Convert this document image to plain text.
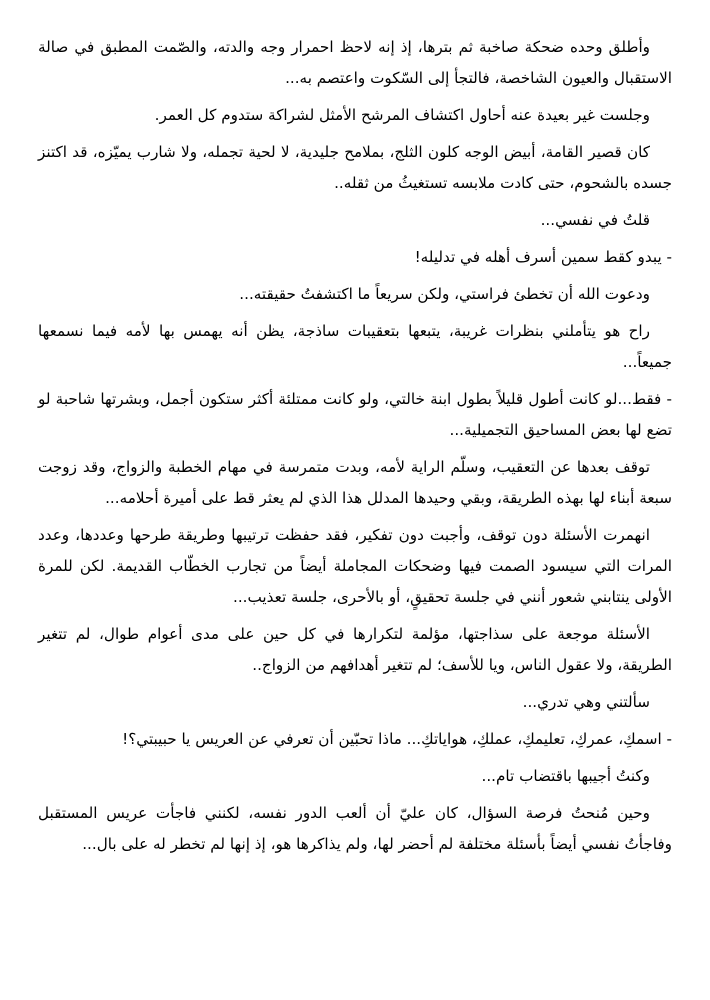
وأطلق وحده ضحكة صاخبة ثم بترها، إذ إنه لاحظ احمرار وجه والدته، والصّمت المطبق في صالة الاستقبال والعيون الشاخصة، فالتجأ إلى السّكوت واعتصم به...

وجلست غير بعيدة عنه أحاول اكتشاف المرشح الأمثل لشراكة ستدوم كل العمر.

كان قصير القامة، أبيض الوجه كلون الثلج، بملامح جليدية، لا لحية تجمله، ولا شارب يميّزه، قد اكتنز جسده بالشحوم، حتى كادت ملابسه تستغيثُ من ثقله..

قلتُ في نفسي...

- يبدو كقط سمين أسرف أهله في تدليله!

ودعوت الله أن تخطئ فراستي، ولكن سريعاً ما اكتشفتُ حقيقته...

راح هو يتأملني بنظرات غريبة، يتبعها بتعقيبات ساذجة، يظن أنه يهمس بها لأمه فيما نسمعها جميعاً...

- فقط...لو كانت أطول قليلاً بطول ابنة خالتي، ولو كانت ممتلئة أكثر ستكون أجمل، وبشرتها شاحبة لو تضع لها بعض المساحيق التجميلية...

توقف بعدها عن التعقيب، وسلّم الراية لأمه، وبدت متمرسة في مهام الخطبة والزواج، وقد زوجت سبعة أبناء لها بهذه الطريقة، وبقي وحيدها المدلل هذا الذي لم يعثر قط على أميرة أحلامه...

انهمرت الأسئلة دون توقف، وأجبت دون تفكير، فقد حفظت ترتيبها وطريقة طرحها وعددها، وعدد المرات التي سيسود الصمت فيها وضحكات المجاملة أيضاً من تجارب الخطّاب القديمة. لكن للمرة الأولى ينتابني شعور أنني في جلسة تحقيقٍ، أو بالأحرى، جلسة تعذيب...

الأسئلة موجعة على سذاجتها، مؤلمة لتكرارها في كل حين على مدى أعوام طوال، لم تتغير الطريقة، ولا عقول الناس، ويا للأسف؛ لم تتغير أهدافهم من الزواج..

سألتني وهي تدري...

- اسمكِ، عمركِ، تعليمكِ، عملكِ، هواياتكِ... ماذا تحبّين أن تعرفي عن العريس يا حبيبتي؟!

وكنتُ أجيبها باقتضاب تام...

وحين مُنحتُ فرصة السؤال، كان عليّ أن ألعب الدور نفسه، لكنني فاجأت عريس المستقبل وفاجأتُ نفسي أيضاً بأسئلة مختلفة لم أحضر لها، ولم يذاكرها هو، إذ إنها لم تخطر له على بال...
